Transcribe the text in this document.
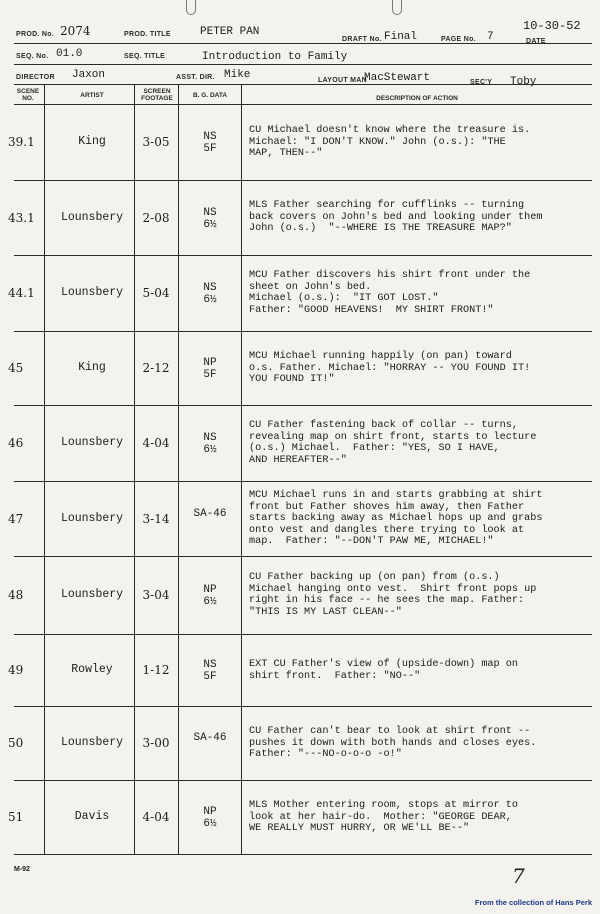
PROD. No. 2074	PROD. TITLE	PETER PAN
DRAFT No. Final	PAGE No. 7
10-30-52
DATE
SEQ. No. 01.0	SEQ. TITLE	Introduction to Family
DIRECTOR Jaxon	ASST. DIR. Mike	LAYOUT MAN
MacStewart	SEC'Y Toby
SCENE NO.	ARTIST
SCREEN FOOTAGE	B. G. DATA	DESCRIPTION OF ACTION
39.1	King	3-05	NS
5F
CU Michael doesn't know where the treasure is.
Michael: "I DON'T KNOW." John (o.s.): "THE
MAP, THEN--"
43.1	Lounsbery	2-08	NS
6½
MLS Father searching for cufflinks -- turning
back covers on John's bed and looking under them
John (o.s.)  "--WHERE IS THE TREASURE MAP?"
44.1	Lounsbery	5-04	NS
6½
MCU Father discovers his shirt front under the
sheet on John's bed.
Michael (o.s.):  "IT GOT LOST."
Father: "GOOD HEAVENS!  MY SHIRT FRONT!"
45	King	2-12	NP
5F
MCU Michael running happily (on pan) toward
o.s. Father. Michael: "HORRAY -- YOU FOUND IT!
YOU FOUND IT!"
46	Lounsbery	4-04	NS
6½
CU Father fastening back of collar -- turns,
revealing map on shirt front, starts to lecture
(o.s.) Michael.  Father: "YES, SO I HAVE,
AND HEREAFTER--"
47	Lounsbery	3-14	SA-46
MCU Michael runs in and starts grabbing at shirt
front but Father shoves him away, then Father
starts backing away as Michael hops up and grabs
onto vest and dangles there trying to look at
map.  Father: "--DON'T PAW ME, MICHAEL!"
48	Lounsbery	3-04	NP
6½
CU Father backing up (on pan) from (o.s.)
Michael hanging onto vest.  Shirt front pops up
right in his face -- he sees the map. Father:
"THIS IS MY LAST CLEAN--"
49	Rowley	1-12	NS
5F
EXT CU Father's view of (upside-down) map on
shirt front.  Father: "NO--"
50	Lounsbery	3-00	SA-46
CU Father can't bear to look at shirt front --
pushes it down with both hands and closes eyes.
Father: "---NO-o-o-o -o!"
51	Davis	4-04	NP
6½
MLS Mother entering room, stops at mirror to
look at her hair-do.  Mother: "GEORGE DEAR,
WE REALLY MUST HURRY, OR WE'LL BE--"
M-92	7
From the collection of Hans Perk
